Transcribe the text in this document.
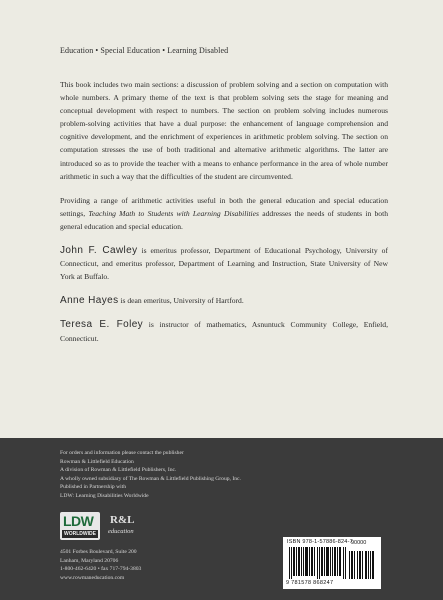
Education • Special Education • Learning Disabled

This book includes two main sections: a discussion of problem solving and a section on computation with whole numbers. A primary theme of the text is that problem solving sets the stage for meaning and conceptual development with respect to numbers. The section on problem solving includes numerous problem-solving activities that have a dual purpose: the enhancement of language comprehension and cognitive development, and the enrichment of experiences in arithmetic problem solving. The section on computation stresses the use of both traditional and alternative arithmetic algorithms. The latter are introduced so as to provide the teacher with a means to enhance performance in the area of whole number arithmetic in such a way that the difficulties of the student are circumvented.

Providing a range of arithmetic activities useful in both the general education and special education settings, Teaching Math to Students with Learning Disabilities addresses the needs of students in both general education and special education.

John F. Cawley is emeritus professor, Department of Educational Psychology, University of Connecticut, and emeritus professor, Department of Learning and Instruction, State University of New York at Buffalo.

Anne Hayes is dean emeritus, University of Hartford.

Teresa E. Foley is instructor of mathematics, Asnuntuck Community College, Enfield, Connecticut.

For orders and information please contact the publisher
Rowman & Littlefield Education
A division of Rowman & Littlefield Publishers, Inc.
A wholly owned subsidiary of The Rowman & Littlefield Publishing Group, Inc.
Published in Partnership with
LDW: Learning Disabilities Worldwide
LDW
WORLDWIDE
R&L
education
4501 Forbes Boulevard, Suite 200
Lanham, Maryland 20706
1-800-462-6420 • fax 717-794-3803
www.rowmaneducation.com
ISBN 978-1-57886-824-7
90000
9 781578 868247
